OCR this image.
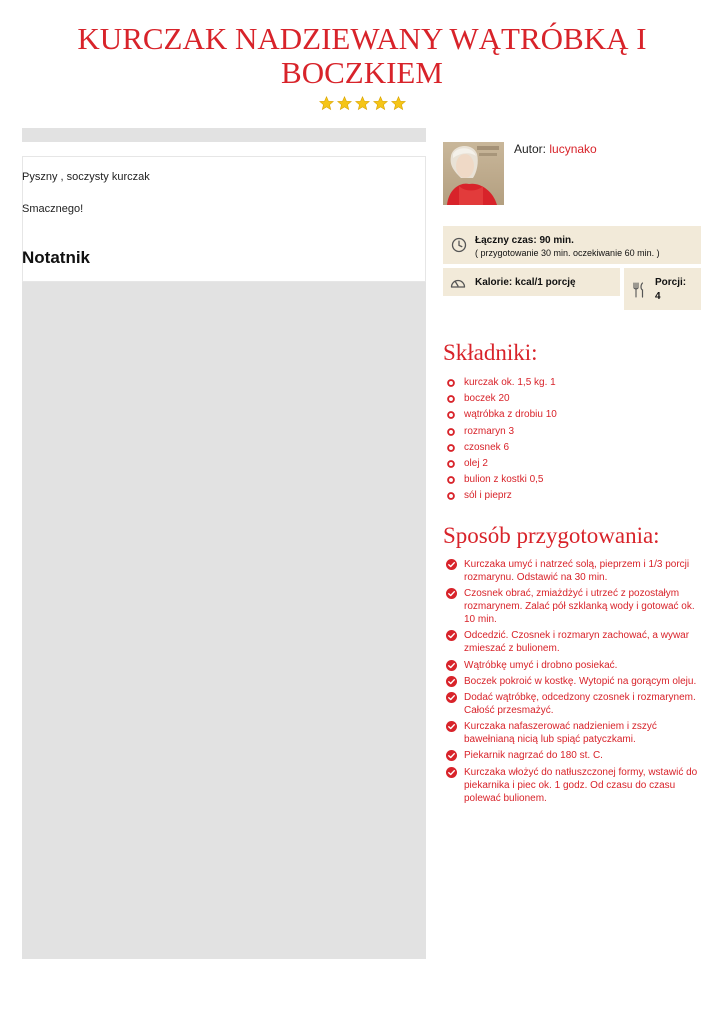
KURCZAK NADZIEWANY WĄTRÓBKĄ I BOCZKIEM

Pyszny , soczysty kurczak
Smacznego!
Notatnik
Autor: lucynako
Łączny czas: 90 min.
( przygotowanie 30 min. oczekiwanie 60 min. )
Kalorie: kcal/1 porcję	Porcji:
4
Składniki:
kurczak ok. 1,5 kg. 1
boczek 20
wątróbka z drobiu 10
rozmaryn 3
czosnek 6
olej 2
bulion z kostki 0,5
sól i pieprz
Sposób przygotowania:
Kurczaka umyć i natrzeć solą, pieprzem i 1/3 porcji rozmarynu. Odstawić na 30 min.
Czosnek obrać, zmiażdżyć i utrzeć z pozostałym rozmarynem. Zalać pół szklanką wody i gotować ok. 10 min.
Odcedzić. Czosnek i rozmaryn zachować, a wywar zmieszać z bulionem.
Wątróbkę umyć i drobno posiekać.
Boczek pokroić w kostkę. Wytopić na gorącym oleju.
Dodać wątróbkę, odcedzony czosnek i rozmarynem. Całość przesmażyć.
Kurczaka nafaszerować nadzieniem i zszyć bawełnianą nicią lub spiąć patyczkami.
Piekarnik nagrzać do 180 st. C.
Kurczaka włożyć do natłuszczonej formy, wstawić do piekarnika i piec ok. 1 godz. Od czasu do czasu polewać bulionem.
